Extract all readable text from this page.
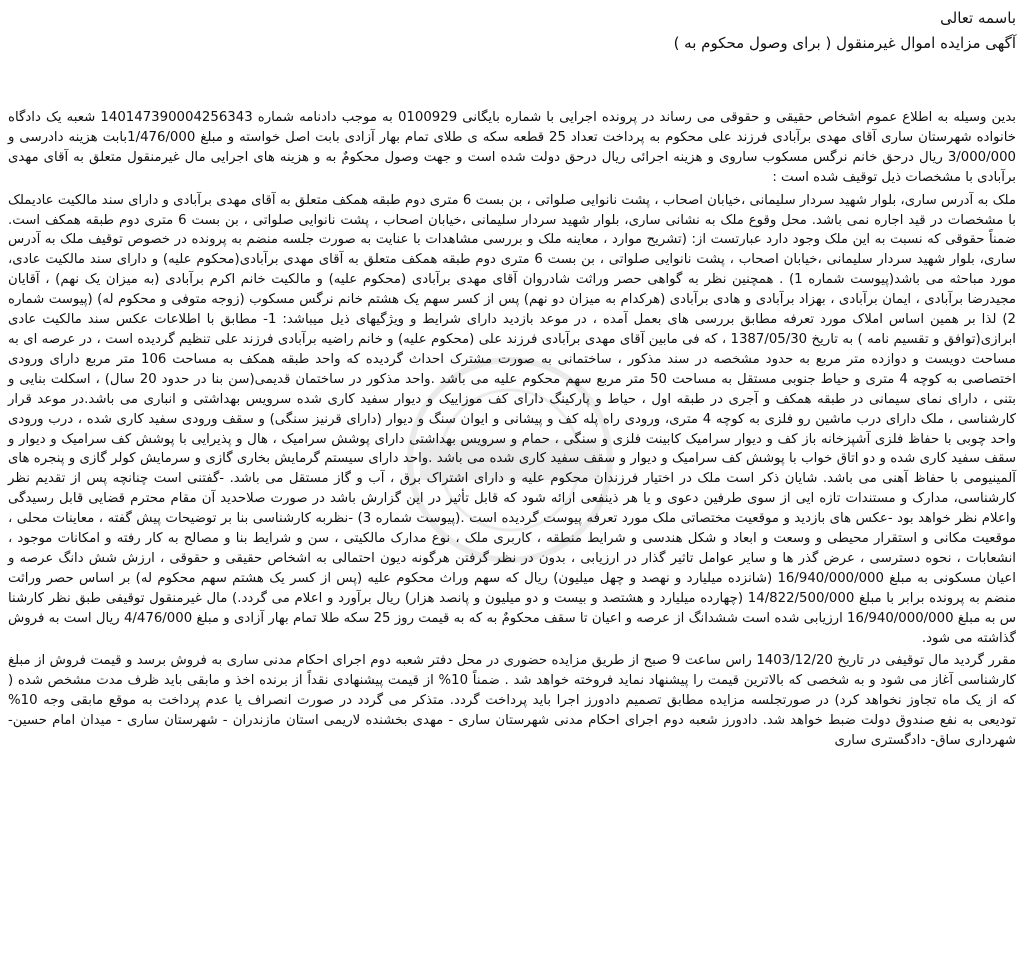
باسمه تعالی
آگهی مزایده اموال غیرمنقول ( برای وصول محکوم به )

بدین وسیله به اطلاع عموم اشخاص حقیقی و حقوقی می رساند در پرونده اجرایی با شماره بایگانی 0100929 به موجب دادنامه شماره 140147390004256343 شعبه یک دادگاه خانواده شهرستان ساری آقای مهدی برآبادی فرزند علی محکوم به پرداخت تعداد 25 قطعه سکه ی طلای تمام بهار آزادی بابت اصل خواسته و مبلغ 1/476/000بابت هزینه دادرسی و 3/000/000 ریال درحق خانم نرگس مسکوب ساروی و هزینه اجرائی ریال درحق دولت شده است و جهت وصول محکومٌ به و هزینه های اجرایی مال غیرمنقول متعلق به آقای مهدی برآبادی با مشخصات ذیل توقیف شده است :

ملک به آدرس ساری، بلوار شهید سردار سلیمانی ،خیابان اصحاب ، پشت نانوایی صلواتی ، بن بست 6 متری دوم طبقه همکف متعلق به آقای مهدی برآبادی و دارای سند مالکیت عادیملک با مشخصات در قید اجاره نمی باشد. محل وقوع ملک به نشانی ساری، بلوار شهید سردار سلیمانی ،خیابان اصحاب ، پشت نانوایی صلواتی ، بن بست 6 متری دوم طبقه همکف است. ضمناً حقوقی که نسبت به این ملک وجود دارد عبارتست از: (تشریح موارد ، معاینه ملک و بررسی مشاهدات با عنایت به صورت جلسه منضم به پرونده در خصوص توقیف ملک به آدرس ساری، بلوار شهید سردار سلیمانی ،خیابان اصحاب ، پشت نانوایی صلواتی ، بن بست 6 متری دوم طبقه همکف متعلق به آقای مهدی برآبادی(محکوم علیه) و دارای سند مالکیت عادی، مورد مباحثه می باشد(پیوست شماره 1) . همچنین نظر به گواهی حصر وراثت شادروان آقای مهدی برآبادی (محکوم علیه) و مالکیت خانم اکرم برآبادی (به میزان یک نهم) ، آقایان مجیدرضا برآبادی ، ایمان برآبادی ، بهزاد برآبادی و هادی برآبادی (هرکدام به میزان دو نهم) پس از کسر سهم یک هشتم خانم نرگس مسکوب (زوجه متوفی و محکوم له) (پیوست شماره 2) لذا بر همین اساس املاک مورد تعرفه مطابق بررسی های بعمل آمده ، در موعد بازدید دارای شرایط و ویژگیهای ذیل میباشد: 1- مطابق با اطلاعات عکس سند مالکیت عادی ابرازی(توافق و تقسیم نامه ) به تاریخ 1387/05/30 ، که فی مابین آقای مهدی برآبادی فرزند علی (محکوم علیه) و خانم راضیه برآبادی فرزند علی تنظیم گردیده است ، در عرصه ای به مساحت دویست و دوازده متر مربع به حدود مشخصه در سند مذکور ، ساختمانی به صورت مشترک احداث گردیده که واحد طبقه همکف به مساحت 106 متر مربع دارای ورودی اختصاصی به کوچه 4 متری و حیاط جنوبی مستقل به مساحت 50 متر مربع سهم محکوم علیه می باشد .واحد مذکور در ساختمان قدیمی(سن بنا در حدود 20 سال) ، اسکلت بنایی و بتنی ، دارای نمای سیمانی در طبقه همکف و آجری در طبقه اول ، حیاط و پارکینگ دارای کف موزاییک و دیوار سفید کاری شده سرویس بهداشتی و انباری می باشد.در موعد قرار کارشناسی ، ملک دارای درب ماشین رو فلزی به کوچه 4 متری، ورودی راه پله کف و پیشانی و ایوان سنگ و دیوار (دارای قرنیز سنگی) و سقف ورودی سفید کاری شده ، درب ورودی واحد چوبی با حفاظ فلزی آشپزخانه باز کف و دیوار سرامیک کابینت فلزی و سنگی ، حمام و سرویس بهداشتی دارای پوشش سرامیک ، هال و پذیرایی با پوشش کف سرامیک و دیوار و سقف سفید کاری شده و دو اتاق خواب با پوشش کف سرامیک و دیوار و سقف سفید کاری شده می باشد .واحد دارای سیستم گرمایش بخاری گازی و سرمایش کولر گازی و پنجره های آلمینیومی با حفاظ آهنی می باشد. شایان ذکر است ملک در اختیار فرزندان محکوم علیه و دارای اشتراک برق ، آب و گاز مستقل می باشد. -گفتنی است چنانچه پس از تقدیم نظر کارشناسی، مدارک و مستندات تازه ایی از سوی طرفین دعوی و یا هر ذینفعی ارائه شود که قابل تأثیر در این گزارش باشد در صورت صلاحدید آن مقام محترم قضایی قابل رسیدگی واعلام نظر خواهد بود -عکس های بازدید و موقعیت مختصاتی ملک مورد تعرفه پیوست گردیده است .(پیوست شماره 3) -نظربه کارشناسی بنا بر توضیحات پیش گفته ، معاینات محلی ، موقعیت مکانی و استقرار محیطی و وسعت و ابعاد و شکل هندسی و شرایط منطقه ، کاربری ملک ، نوع مدارک مالکیتی ، سن و شرایط بنا و مصالح به کار رفته و امکانات موجود ، انشعابات ، نحوه دسترسی ، عرض گذر ها و سایر عوامل تاثیر گذار در ارزیابی ، بدون در نظر گرفتن هرگونه دیون احتمالی به اشخاص حقیقی و حقوقی ، ارزش شش دانگ عرصه و اعیان مسکونی به مبلغ 16/940/000/000 (شانزده میلیارد و نهصد و چهل میلیون) ریال که سهم وراث محکوم علیه (پس از کسر یک هشتم سهم محکوم له) بر اساس حصر وراثت منضم به پرونده برابر با مبلغ 14/822/500/000 (چهارده میلیارد و هشتصد و بیست و دو میلیون و پانصد هزار) ریال برآورد و اعلام می گردد.) مال غیرمنقول توقیفی طبق نظر کارشنا س به مبلغ 16/940/000/000 ارزیابی شده است ششدانگ از عرصه و اعیان تا سقف محکومٌ به که به قیمت روز 25 سکه طلا تمام بهار آزادی و مبلغ 4/476/000 ریال است به فروش گذاشته می شود.

مقرر گردید مال توقیفی در تاریخ 1403/12/20 راس ساعت 9 صبح از طریق مزایده حضوری در محل دفتر شعبه دوم اجرای احکام مدنی ساری به فروش برسد و قیمت فروش از مبلغ کارشناسی آغاز می شود و به شخصی که بالاترین قیمت را پیشنهاد نماید فروخته خواهد شد . ضمناً 10% از قیمت پیشنهادی نقداً از برنده اخذ و مابقی باید ظرف مدت مشخص شده ( که از یک ماه تجاوز نخواهد کرد) در صورتجلسه مزایده مطابق تصمیم دادورز اجرا باید پرداخت گردد. متذکر می گردد در صورت انصراف یا عدم پرداخت به موقع مابقی وجه 10% تودیعی به نفع صندوق دولت ضبط خواهد شد. دادورز شعبه دوم اجرای احکام مدنی شهرستان ساری - مهدی بخشنده لاریمی استان مازندران - شهرستان ساری - میدان امام حسین- شهرداری ساق- دادگستری ساری
